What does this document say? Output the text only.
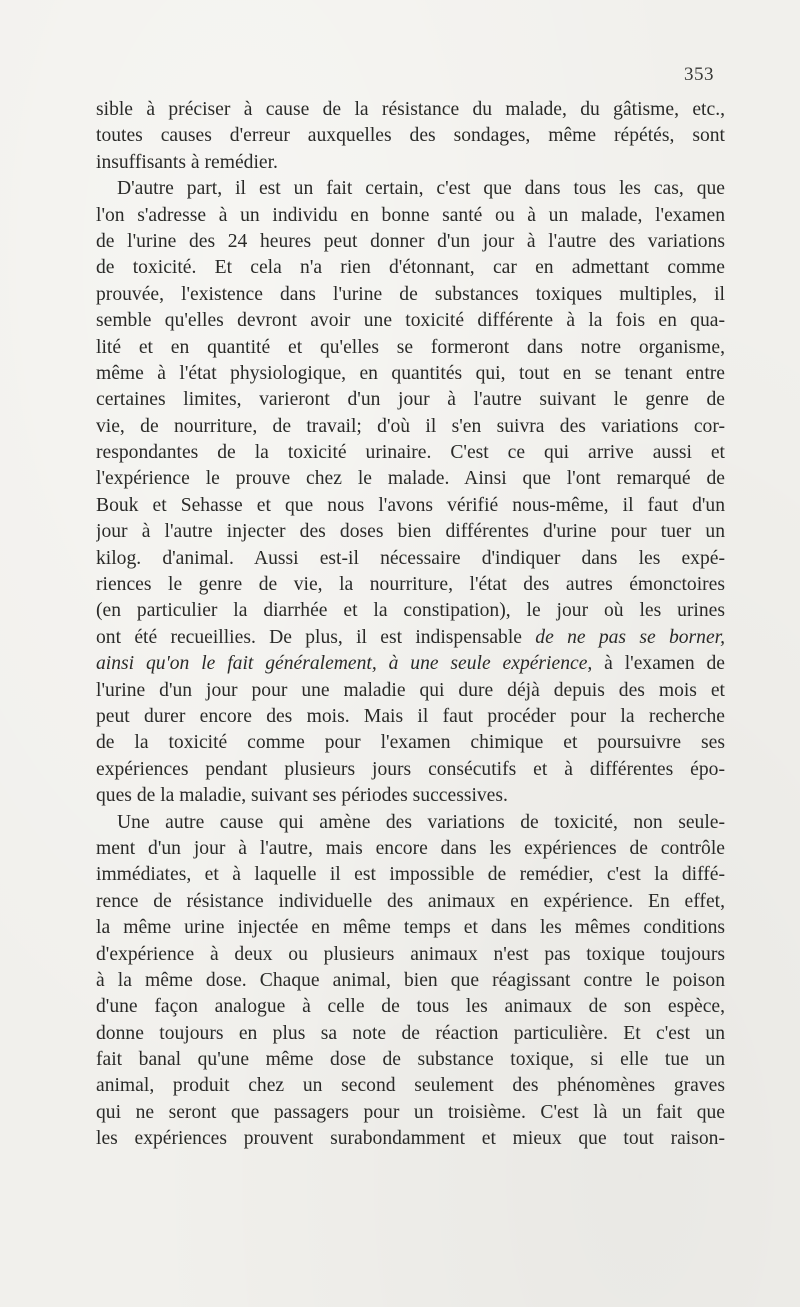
353
sible à préciser à cause de la résistance du malade, du gâtisme, etc.,
toutes causes d'erreur auxquelles des sondages, même répétés, sont
insuffisants à remédier.
D'autre part, il est un fait certain, c'est que dans tous les cas, que
l'on s'adresse à un individu en bonne santé ou à un malade, l'examen
de l'urine des 24 heures peut donner d'un jour à l'autre des variations
de toxicité. Et cela n'a rien d'étonnant, car en admettant comme
prouvée, l'existence dans l'urine de substances toxiques multiples, il
semble qu'elles devront avoir une toxicité différente à la fois en qua-
lité et en quantité et qu'elles se formeront dans notre organisme,
même à l'état physiologique, en quantités qui, tout en se tenant entre
certaines limites, varieront d'un jour à l'autre suivant le genre de
vie, de nourriture, de travail; d'où il s'en suivra des variations cor-
respondantes de la toxicité urinaire. C'est ce qui arrive aussi et
l'expérience le prouve chez le malade. Ainsi que l'ont remarqué de
Bouk et Sehasse et que nous l'avons vérifié nous-même, il faut d'un
jour à l'autre injecter des doses bien différentes d'urine pour tuer un
kilog. d'animal. Aussi est-il nécessaire d'indiquer dans les expé-
riences le genre de vie, la nourriture, l'état des autres émonctoires
(en particulier la diarrhée et la constipation), le jour où les urines
ont été recueillies. De plus, il est indispensable de ne pas se borner,
ainsi qu'on le fait généralement, à une seule expérience, à l'examen de
l'urine d'un jour pour une maladie qui dure déjà depuis des mois et
peut durer encore des mois. Mais il faut procéder pour la recherche
de la toxicité comme pour l'examen chimique et poursuivre ses
expériences pendant plusieurs jours consécutifs et à différentes épo-
ques de la maladie, suivant ses périodes successives.
Une autre cause qui amène des variations de toxicité, non seule-
ment d'un jour à l'autre, mais encore dans les expériences de contrôle
immédiates, et à laquelle il est impossible de remédier, c'est la diffé-
rence de résistance individuelle des animaux en expérience. En effet,
la même urine injectée en même temps et dans les mêmes conditions
d'expérience à deux ou plusieurs animaux n'est pas toxique toujours
à la même dose. Chaque animal, bien que réagissant contre le poison
d'une façon analogue à celle de tous les animaux de son espèce,
donne toujours en plus sa note de réaction particulière. Et c'est un
fait banal qu'une même dose de substance toxique, si elle tue un
animal, produit chez un second seulement des phénomènes graves
qui ne seront que passagers pour un troisième. C'est là un fait que
les expériences prouvent surabondamment et mieux que tout raison-
